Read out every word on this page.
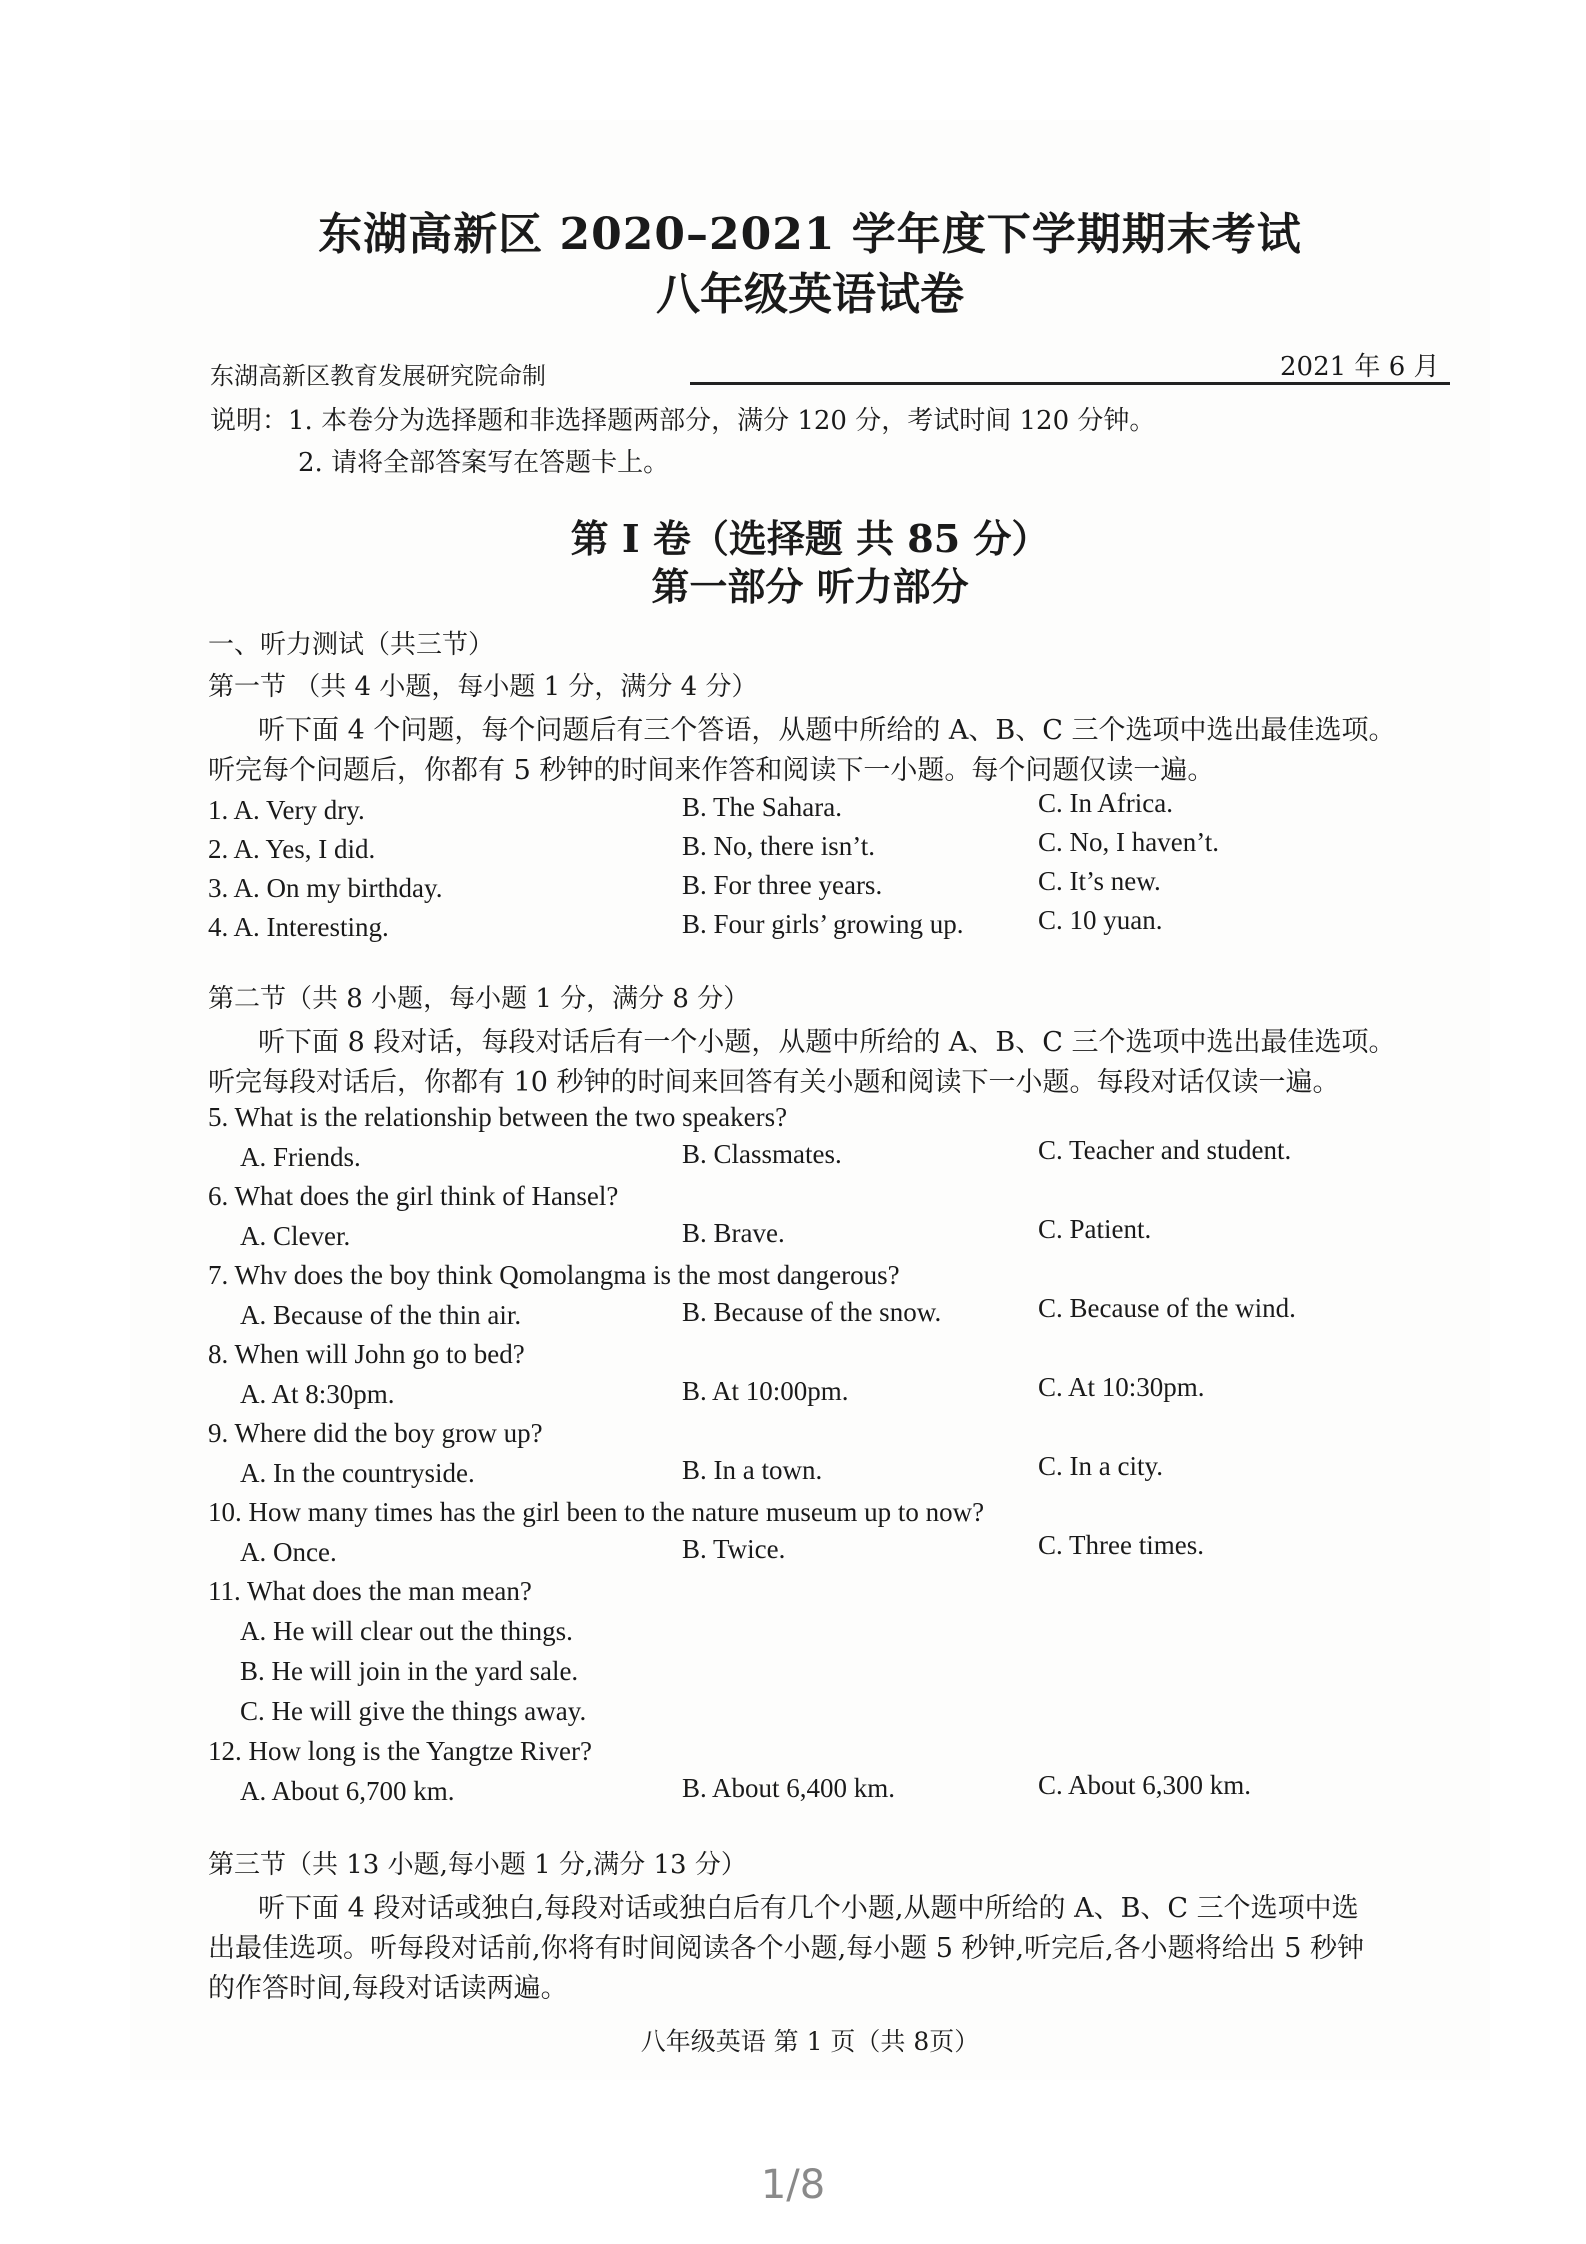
东湖高新区 2020–2021 学年度下学期期末考试
八年级英语试卷
东湖高新区教育发展研究院命制	2021 年 6 月
说明：1. 本卷分为选择题和非选择题两部分，满分 120 分，考试时间 120 分钟。
2. 请将全部答案写在答题卡上。
第 I 卷（选择题 共 85 分）
第一部分 听力部分
一、听力测试（共三节）
第一节 （共 4 小题，每小题 1 分，满分 4 分）
听下面 4 个问题，每个问题后有三个答语，从题中所给的 A、B、C 三个选项中选出最佳选项。
听完每个问题后，你都有 5 秒钟的时间来作答和阅读下一小题。每个问题仅读一遍。
1. A. Very dry.	B. The Sahara.	C. In Africa.
2. A. Yes, I did.	B. No, there isn’t.	C. No, I haven’t.
3. A. On my birthday.	B. For three years.	C. It’s new.
4. A. Interesting.	B. Four girls’ growing up.	C. 10 yuan.
第二节（共 8 小题，每小题 1 分，满分 8 分）
听下面 8 段对话，每段对话后有一个小题，从题中所给的 A、B、C 三个选项中选出最佳选项。
听完每段对话后，你都有 10 秒钟的时间来回答有关小题和阅读下一小题。每段对话仅读一遍。
5. What is the relationship between the two speakers?
A. Friends.	B. Classmates.	C. Teacher and student.
6. What does the girl think of Hansel?
A. Clever.	B. Brave.	C. Patient.
7. Whv does the boy think Qomolangma is the most dangerous?
A. Because of the thin air.	B. Because of the snow.	C. Because of the wind.
8. When will John go to bed?
A. At 8:30pm.	B. At 10:00pm.	C. At 10:30pm.
9. Where did the boy grow up?
A. In the countryside.	B. In a town.	C. In a city.
10. How many times has the girl been to the nature museum up to now?
A. Once.	B. Twice.	C. Three times.
11. What does the man mean?
A. He will clear out the things.
B. He will join in the yard sale.
C. He will give the things away.
12. How long is the Yangtze River?
A. About 6,700 km.	B. About 6,400 km.	C. About 6,300 km.
第三节（共 13 小题,每小题 1 分,满分 13 分）
听下面 4 段对话或独白,每段对话或独白后有几个小题,从题中所给的 A、B、C 三个选项中选
出最佳选项。听每段对话前,你将有时间阅读各个小题,每小题 5 秒钟,听完后,各小题将给出 5 秒钟
的作答时间,每段对话读两遍。
八年级英语 第 1 页（共 8页）
1/8
